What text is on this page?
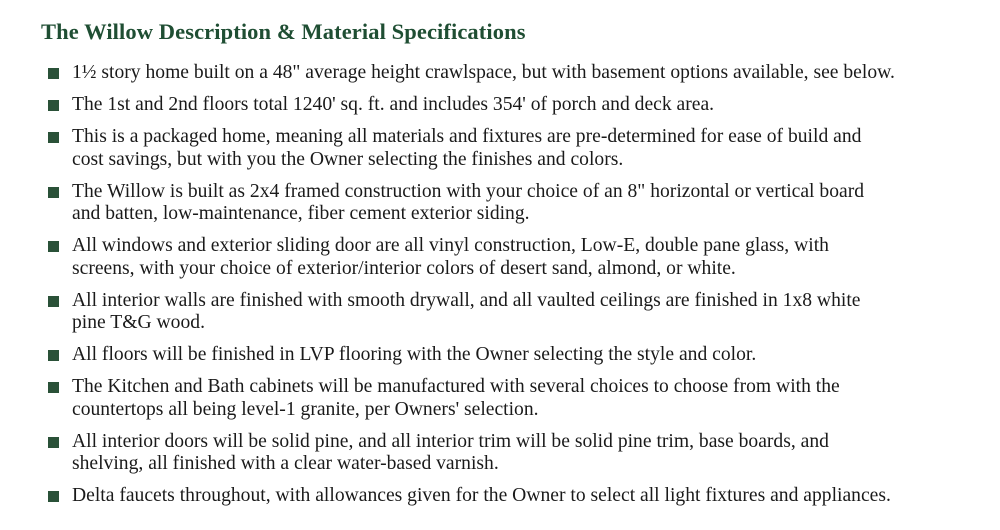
The Willow Description & Material Specifications
1½ story home built on a 48" average height crawlspace, but with basement options available, see below.
The 1st and 2nd floors total 1240' sq. ft. and includes 354' of porch and deck area.
This is a packaged home, meaning all materials and fixtures are pre-determined for ease of build and
cost savings, but with you the Owner selecting the finishes and colors.
The Willow is built as 2x4 framed construction with your choice of an 8" horizontal or vertical board
and batten, low-maintenance, fiber cement exterior siding.
All windows and exterior sliding door are all vinyl construction, Low-E, double pane glass, with
screens, with your choice of exterior/interior colors of desert sand, almond, or white.
All interior walls are finished with smooth drywall, and all vaulted ceilings are finished in 1x8 white
pine T&G wood.
All floors will be finished in LVP flooring with the Owner selecting the style and color.
The Kitchen and Bath cabinets will be manufactured with several choices to choose from with the
countertops all being level-1 granite, per Owners' selection.
All interior doors will be solid pine, and all interior trim will be solid pine trim, base boards, and
shelving, all finished with a clear water-based varnish.
Delta faucets throughout, with allowances given for the Owner to select all light fixtures and appliances.
